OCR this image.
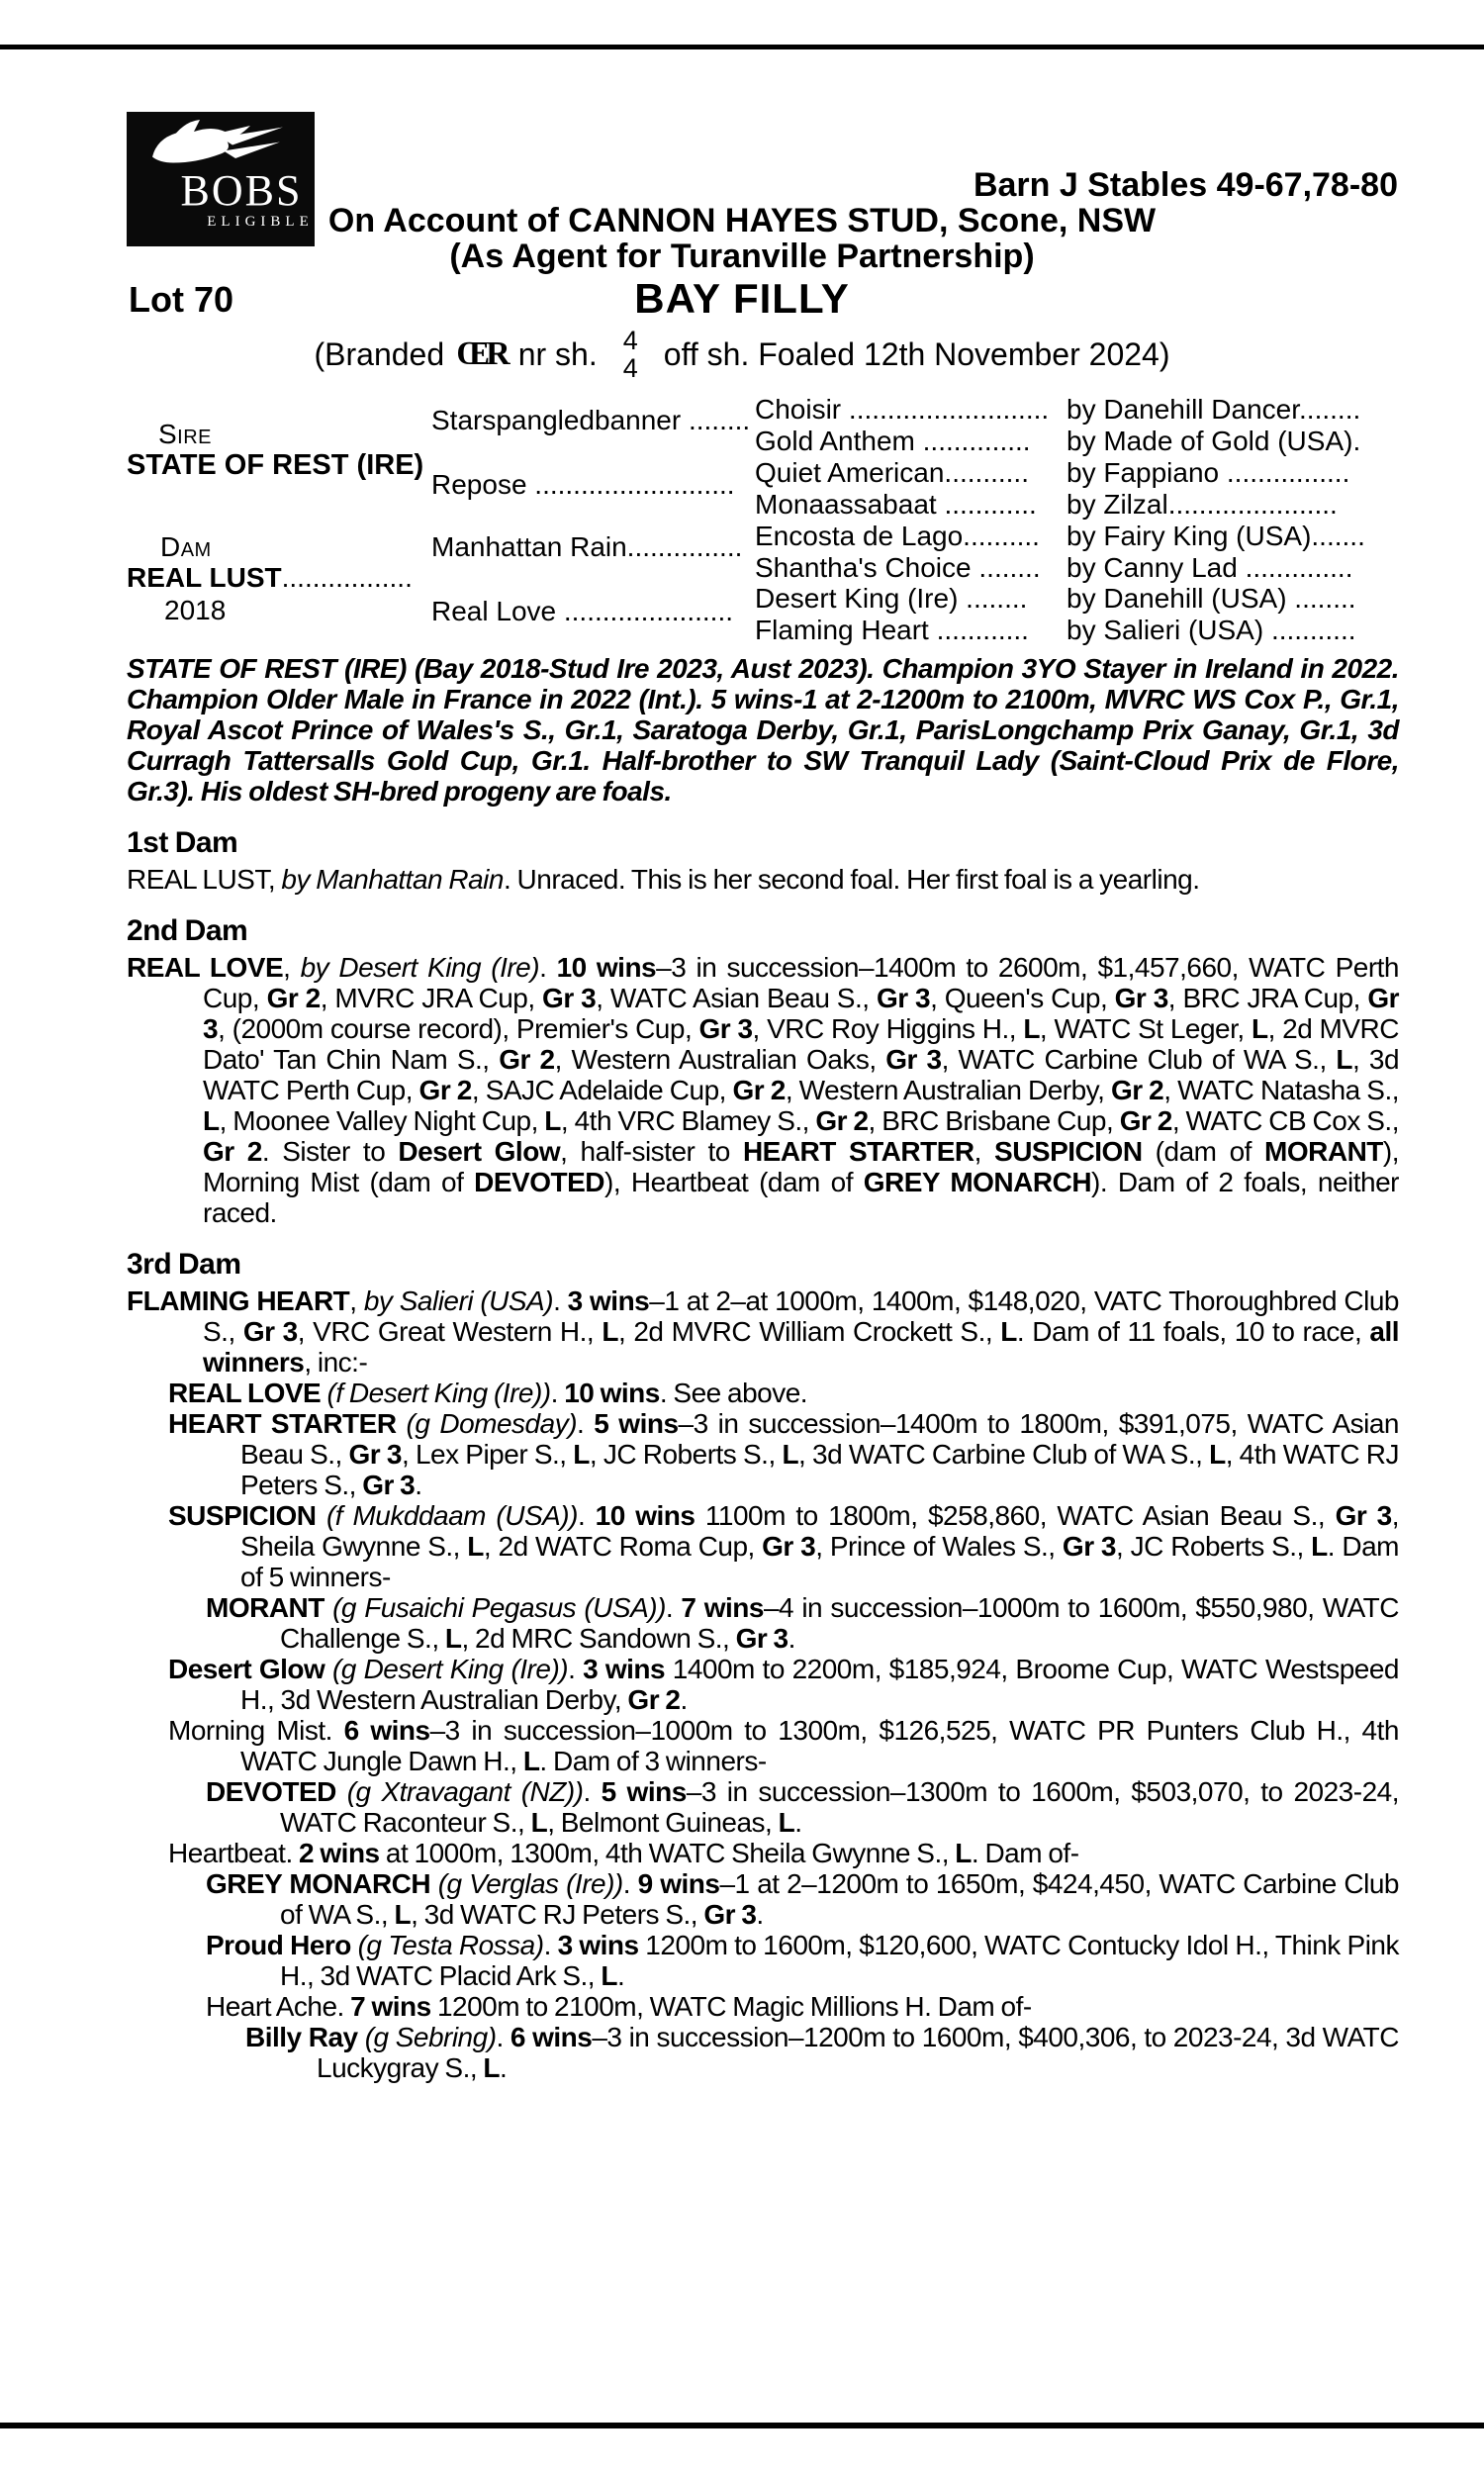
BOBS
ELIGIBLE
Barn J Stables 49-67,78-80
On Account of CANNON HAYES STUD, Scone, NSW
(As Agent for Turanville Partnership)
Lot 70	BAY FILLY
(Branded ŒR nr sh. 4
4 off sh. Foaled 12th November 2024)
Sire
STATE OF REST (IRE)
Dam
REAL LUST.................
2018
Choisir .......................... by Danehill Dancer........
Gold Anthem .............. by Made of Gold (USA).
Quiet American........... by Fappiano ................
Monaassabaat ............ by Zilzal......................
Encosta de Lago.......... by Fairy King (USA).......
Shantha's Choice ........ by Canny Lad ..............
Desert King (Ire) ........ by Danehill (USA) ........
Flaming Heart ............ by Salieri (USA) ...........
Starspangledbanner ........
Repose ..........................
Manhattan Rain...............
Real Love ......................
STATE OF REST (IRE) (Bay 2018-Stud Ire 2023, Aust 2023). Champion 3YO Stayer in Ireland in 2022. Champion Older Male in France in 2022 (Int.). 5 wins-1 at 2-1200m to 2100m, MVRC WS Cox P., Gr.1, Royal Ascot Prince of Wales's S., Gr.1, Saratoga Derby, Gr.1, ParisLongchamp Prix Ganay, Gr.1, 3d Curragh Tattersalls Gold Cup, Gr.1. Half-brother to SW Tranquil Lady (Saint-Cloud Prix de Flore, Gr.3). His oldest SH-bred progeny are foals.
1st Dam
REAL LUST, by Manhattan Rain. Unraced. This is her second foal. Her first foal is a yearling.
2nd Dam
REAL LOVE, by Desert King (Ire). 10 wins–3 in succession–1400m to 2600m, $1,457,660, WATC Perth Cup, Gr 2, MVRC JRA Cup, Gr 3, WATC Asian Beau S., Gr 3, Queen's Cup, Gr 3, BRC JRA Cup, Gr 3, (2000m course record), Premier's Cup, Gr 3, VRC Roy Higgins H., L, WATC St Leger, L, 2d MVRC Dato' Tan Chin Nam S., Gr 2, Western Australian Oaks, Gr 3, WATC Carbine Club of WA S., L, 3d WATC Perth Cup, Gr 2, SAJC Adelaide Cup, Gr 2, Western Australian Derby, Gr 2, WATC Natasha S., L, Moonee Valley Night Cup, L, 4th VRC Blamey S., Gr 2, BRC Brisbane Cup, Gr 2, WATC CB Cox S., Gr 2. Sister to Desert Glow, half-sister to HEART STARTER, SUSPICION (dam of MORANT), Morning Mist (dam of DEVOTED), Heartbeat (dam of GREY MONARCH). Dam of 2 foals, neither raced.
3rd Dam
FLAMING HEART, by Salieri (USA). 3 wins–1 at 2–at 1000m, 1400m, $148,020, VATC Thoroughbred Club S., Gr 3, VRC Great Western H., L, 2d MVRC William Crockett S., L. Dam of 11 foals, 10 to race, all winners, inc:-
REAL LOVE (f Desert King (Ire)). 10 wins. See above.
HEART STARTER (g Domesday). 5 wins–3 in succession–1400m to 1800m, $391,075, WATC Asian Beau S., Gr 3, Lex Piper S., L, JC Roberts S., L, 3d WATC Carbine Club of WA S., L, 4th WATC RJ Peters S., Gr 3.
SUSPICION (f Mukddaam (USA)). 10 wins 1100m to 1800m, $258,860, WATC Asian Beau S., Gr 3, Sheila Gwynne S., L, 2d WATC Roma Cup, Gr 3, Prince of Wales S., Gr 3, JC Roberts S., L. Dam of 5 winners-
MORANT (g Fusaichi Pegasus (USA)). 7 wins–4 in succession–1000m to 1600m, $550,980, WATC Challenge S., L, 2d MRC Sandown S., Gr 3.
Desert Glow (g Desert King (Ire)). 3 wins 1400m to 2200m, $185,924, Broome Cup, WATC Westspeed H., 3d Western Australian Derby, Gr 2.
Morning Mist. 6 wins–3 in succession–1000m to 1300m, $126,525, WATC PR Punters Club H., 4th WATC Jungle Dawn H., L. Dam of 3 winners-
DEVOTED (g Xtravagant (NZ)). 5 wins–3 in succession–1300m to 1600m, $503,070, to 2023-24, WATC Raconteur S., L, Belmont Guineas, L.
Heartbeat. 2 wins at 1000m, 1300m, 4th WATC Sheila Gwynne S., L. Dam of-
GREY MONARCH (g Verglas (Ire)). 9 wins–1 at 2–1200m to 1650m, $424,450, WATC Carbine Club of WA S., L, 3d WATC RJ Peters S., Gr 3.
Proud Hero (g Testa Rossa). 3 wins 1200m to 1600m, $120,600, WATC Contucky Idol H., Think Pink H., 3d WATC Placid Ark S., L.
Heart Ache. 7 wins 1200m to 2100m, WATC Magic Millions H. Dam of-
Billy Ray (g Sebring). 6 wins–3 in succession–1200m to 1600m, $400,306, to 2023-24, 3d WATC Luckygray S., L.
